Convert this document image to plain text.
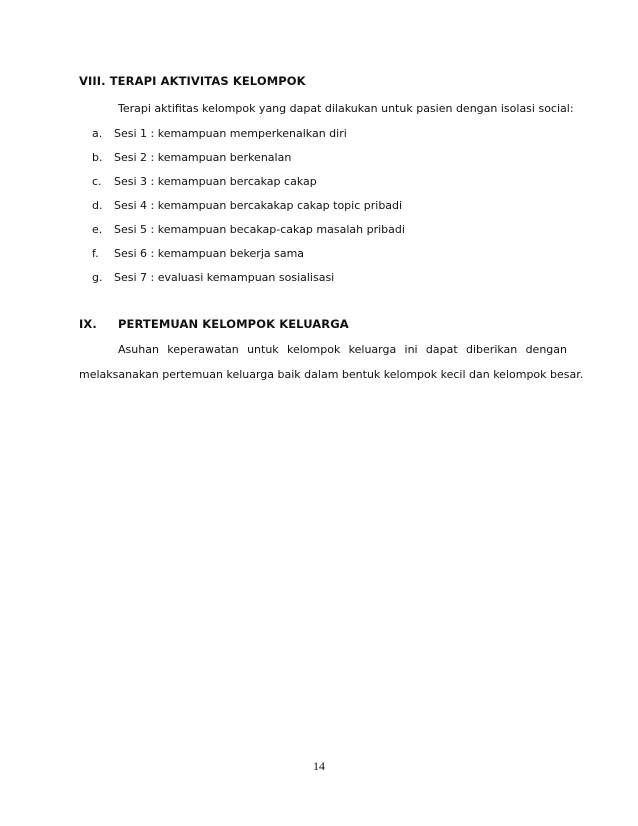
VIII. TERAPI AKTIVITAS KELOMPOK
Terapi aktifitas kelompok yang dapat dilakukan untuk pasien dengan isolasi social:
a. Sesi 1 : kemampuan memperkenalkan diri
b. Sesi 2 : kemampuan berkenalan
c. Sesi 3 : kemampuan bercakap cakap
d. Sesi 4 : kemampuan bercakakap cakap topic pribadi
e. Sesi 5 : kemampuan becakap-cakap masalah pribadi
f. Sesi 6 : kemampuan bekerja sama
g. Sesi 7 : evaluasi kemampuan sosialisasi
IX. PERTEMUAN KELOMPOK KELUARGA
Asuhan keperawatan untuk kelompok keluarga ini dapat diberikan dengan
melaksanakan pertemuan keluarga baik dalam bentuk kelompok kecil dan kelompok besar.
14
